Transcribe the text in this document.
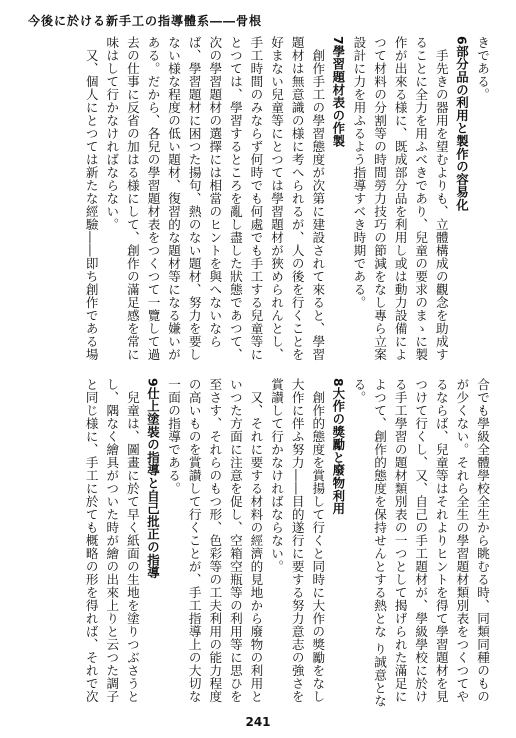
今後に於ける新手工の指導體系――骨根
きである。
6部分品の利用と製作の容易化
手先きの器用を望むよりも、立體構成の觀念を助成することに全力を用ふべきであり、兒童の要求のまゝに製作が出來る様に、既成部分品を利用し或は動力設備によつて材料の分割等の時間勞力技巧の節減をなし專ら立案設計に力を用ふるよう指導すべき時期である。
7學習題材表の作製
創作手工の學習態度が次第に建設されて來ると、學習題材は無意識の様に考へられるが、人の後を行くことを好まない兒童等にとつては學習題材が狹められんとし、手工時間のみならず何時でも何處でも手工する兒童等にとつては、學習するところを亂し盡した狀態であつて、次の學習題材の選擇には相當のヒントを與へないならば、學習題材に困つた揚句、熱のない題材、努力を要しない様な程度の低い題材、復習的な題材等になる嫌いがある。だから、各兒の學習題材表をつくつて一覽して過去の仕事に反省の加はる様にして、創作の滿足感を常に味はして行かなければならない。
又、個人にとつては新たな經驗――即ち創作である場
合でも學級全體學校全生から眺むる時、同類同種のものが少くない。それら全生の學習題材類別表をつくつてやるならば、兒童等はそれよりヒントを得て學習題材を見つけて行くし、又、自己の手工題材が、學級學校に於ける手工學習の題材類別表の一つとして揭げられた滿足によつて、創作的態度を保持せんとする熱とな り誠意となる。
8大作の獎勵と廢物利用
創作的態度を賞揚して行くと同時に大作の獎勵をなし大作に伴ふ努力――目的遂行に要する努力意志の強さを賞讃して行かなければならない。
又、それに要する材料の經濟的見地から廢物の利用といつた方面に注意を促し、空箱空瓶等の利用等に思ひを至さす、それらのもつ形、色彩等の工夫利用の能力程度の高いものを賞讃して行くことが、手工指導上の大切な一面の指導である。
9仕上塗裝の指導と自己批正の指導
兒童は、圖畫に於て早く紙面の生地を塗りつぶさうとし、隅なく繪具がついた時が繪の出來上りと云つた調子と同じ様に、手工に於ても概略の形を得れば、それで次
241
